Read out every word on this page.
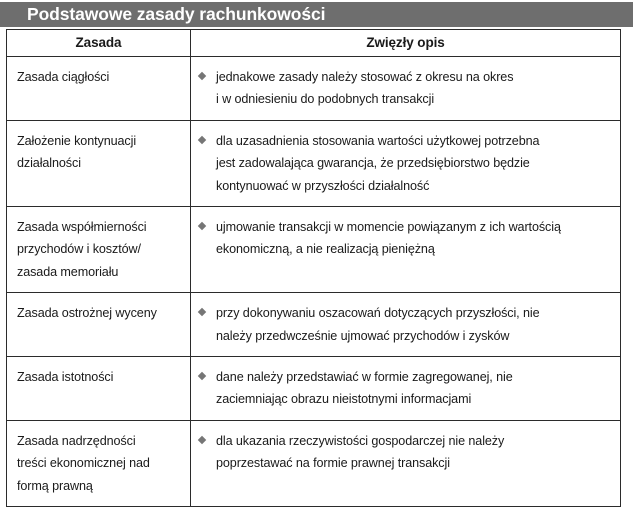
Podstawowe zasady rachunkowości
Zasada	Zwięzły opis

Zasada ciągłości	jednakowe zasady należy stosować z okresu na okres
i w odniesieniu do podobnych transakcji

Założenie kontynuacji
działalności	dla uzasadnienia stosowania wartości użytkowej potrzebna
jest zadowalająca gwarancja, że przedsiębiorstwo będzie
kontynuować w przyszłości działalność

Zasada współmierności
przychodów i kosztów/
zasada memoriału	ujmowanie transakcji w momencie powiązanym z ich wartością
ekonomiczną, a nie realizacją pieniężną

Zasada ostrożnej wyceny	przy dokonywaniu oszacowań dotyczących przyszłości, nie
należy przedwcześnie ujmować przychodów i zysków

Zasada istotności	dane należy przedstawiać w formie zagregowanej, nie
zaciemniając obrazu nieistotnymi informacjami

Zasada nadrzędności
treści ekonomicznej nad
formą prawną	dla ukazania rzeczywistości gospodarczej nie należy
poprzestawać na formie prawnej transakcji
